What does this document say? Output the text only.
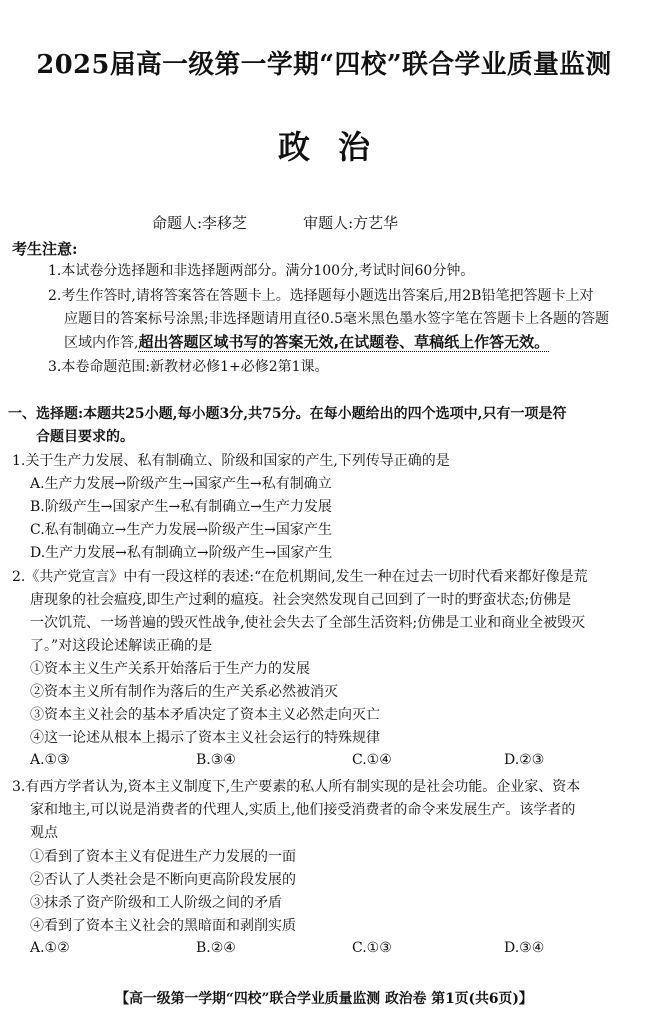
2025届高一级第一学期“四校”联合学业质量监测
政治
命题人:李移芝	审题人:方艺华
考生注意:
1.本试卷分选择题和非选择题两部分。满分100分,考试时间60分钟。
2.考生作答时,请将答案答在答题卡上。选择题每小题选出答案后,用2B铅笔把答题卡上对
应题目的答案标号涂黑;非选择题请用直径0.5毫米黑色墨水签字笔在答题卡上各题的答题
区域内作答,超出答题区域书写的答案无效,在试题卷、草稿纸上作答无效。
3.本卷命题范围:新教材必修1+必修2第1课。
一、选择题:本题共25小题,每小题3分,共75分。在每小题给出的四个选项中,只有一项是符
合题目要求的。
1.关于生产力发展、私有制确立、阶级和国家的产生,下列传导正确的是
A.生产力发展→阶级产生→国家产生→私有制确立
B.阶级产生→国家产生→私有制确立→生产力发展
C.私有制确立→生产力发展→阶级产生→国家产生
D.生产力发展→私有制确立→阶级产生→国家产生
2.《共产党宣言》中有一段这样的表述:“在危机期间,发生一种在过去一切时代看来都好像是荒
唐现象的社会瘟疫,即生产过剩的瘟疫。社会突然发现自己回到了一时的野蛮状态;仿佛是
一次饥荒、一场普遍的毁灭性战争,使社会失去了全部生活资料;仿佛是工业和商业全被毁灭
了。”对这段论述解读正确的是
①资本主义生产关系开始落后于生产力的发展
②资本主义所有制作为落后的生产关系必然被消灭
③资本主义社会的基本矛盾决定了资本主义必然走向灭亡
④这一论述从根本上揭示了资本主义社会运行的特殊规律
A.①③	B.③④	C.①④	D.②③
3.有西方学者认为,资本主义制度下,生产要素的私人所有制实现的是社会功能。企业家、资本
家和地主,可以说是消费者的代理人,实质上,他们接受消费者的命令来发展生产。该学者的
观点
①看到了资本主义有促进生产力发展的一面
②否认了人类社会是不断向更高阶段发展的
③抹杀了资产阶级和工人阶级之间的矛盾
④看到了资本主义社会的黑暗面和剥削实质
A.①②	B.②④	C.①③	D.③④
【高一级第一学期“四校”联合学业质量监测 政治卷 第1页(共6页)】
